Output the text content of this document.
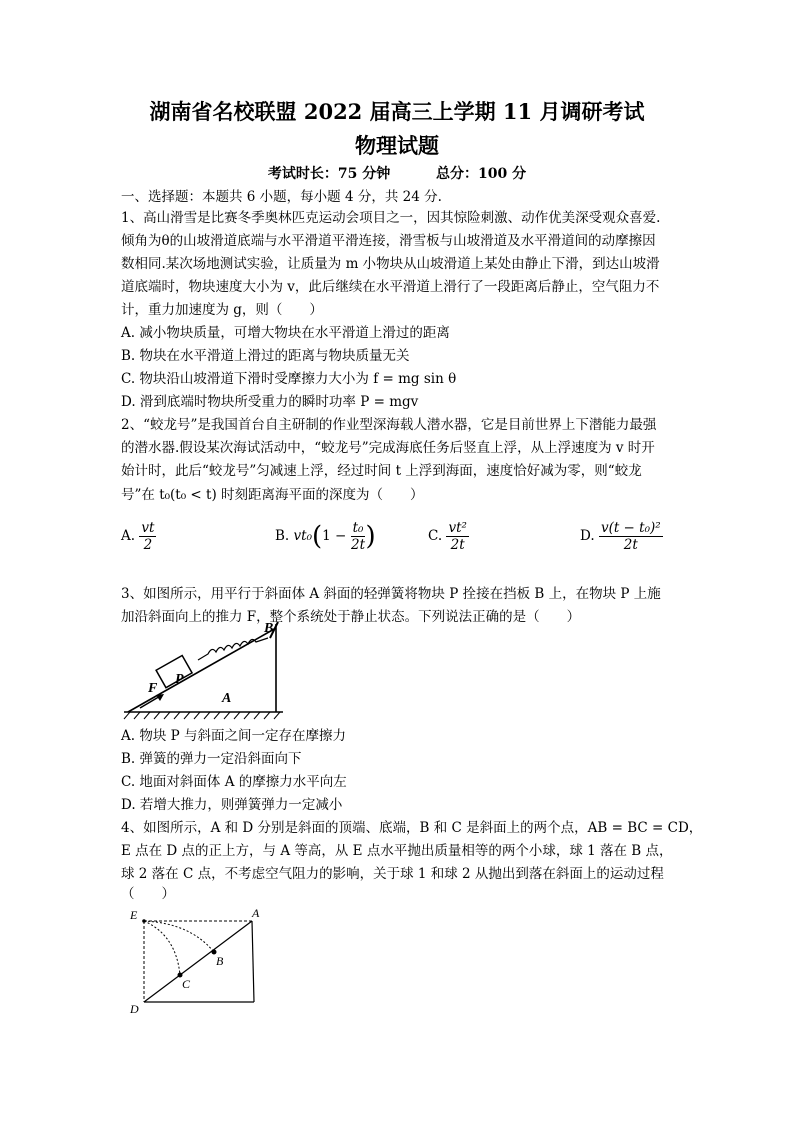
湖南省名校联盟 2022 届高三上学期 11 月调研考试
物理试题
考试时长：75 分钟	总分：100 分
一、选择题：本题共 6 小题，每小题 4 分，共 24 分.
1、高山滑雪是比赛冬季奥林匹克运动会项目之一，因其惊险刺激、动作优美深受观众喜爱.
倾角为θ的山坡滑道底端与水平滑道平滑连接，滑雪板与山坡滑道及水平滑道间的动摩擦因
数相同.某次场地测试实验，让质量为 m 小物块从山坡滑道上某处由静止下滑，到达山坡滑
道底端时，物块速度大小为 v，此后继续在水平滑道上滑行了一段距离后静止，空气阻力不
计，重力加速度为 g，则（　　）
A. 减小物块质量，可增大物块在水平滑道上滑过的距离
B. 物块在水平滑道上滑过的距离与物块质量无关
C. 物块沿山坡滑道下滑时受摩擦力大小为 f = mg sin θ
D. 滑到底端时物块所受重力的瞬时功率 P = mgv
2、“蛟龙号”是我国首台自主研制的作业型深海载人潜水器，它是目前世界上下潜能力最强
的潜水器.假设某次海试活动中，“蛟龙号”完成海底任务后竖直上浮，从上浮速度为 v 时开
始计时，此后“蛟龙号”匀减速上浮，经过时间 t 上浮到海面，速度恰好减为零，则“蛟龙
号”在 t₀(t₀ < t) 时刻距离海平面的深度为（　　）
A. $\frac{vt}{2}$	B. $vt_0(1 - \frac{\text{t₀}}{2t}$ )	C. $\frac{\text{vt²}}{2t}$	D. $\frac{\text{v(t − t₀)²}}{2t}$
3、如图所示，用平行于斜面体 A 斜面的轻弹簧将物块 P 拴接在挡板 B 上，在物块 P 上施
加沿斜面向上的推力 F，整个系统处于静止状态。下列说法正确的是（　　）
B
P
F
A
A. 物块 P 与斜面之间一定存在摩擦力
B. 弹簧的弹力一定沿斜面向下
C. 地面对斜面体 A 的摩擦力水平向左
D. 若增大推力，则弹簧弹力一定减小
4、如图所示，A 和 D 分别是斜面的顶端、底端，B 和 C 是斜面上的两个点，AB = BC = CD，
E 点在 D 点的正上方，与 A 等高，从 E 点水平抛出质量相等的两个小球，球 1 落在 B 点，
球 2 落在 C 点，不考虑空气阻力的影响，关于球 1 和球 2 从抛出到落在斜面上的运动过程
（　　）
E	A
B
C
D
